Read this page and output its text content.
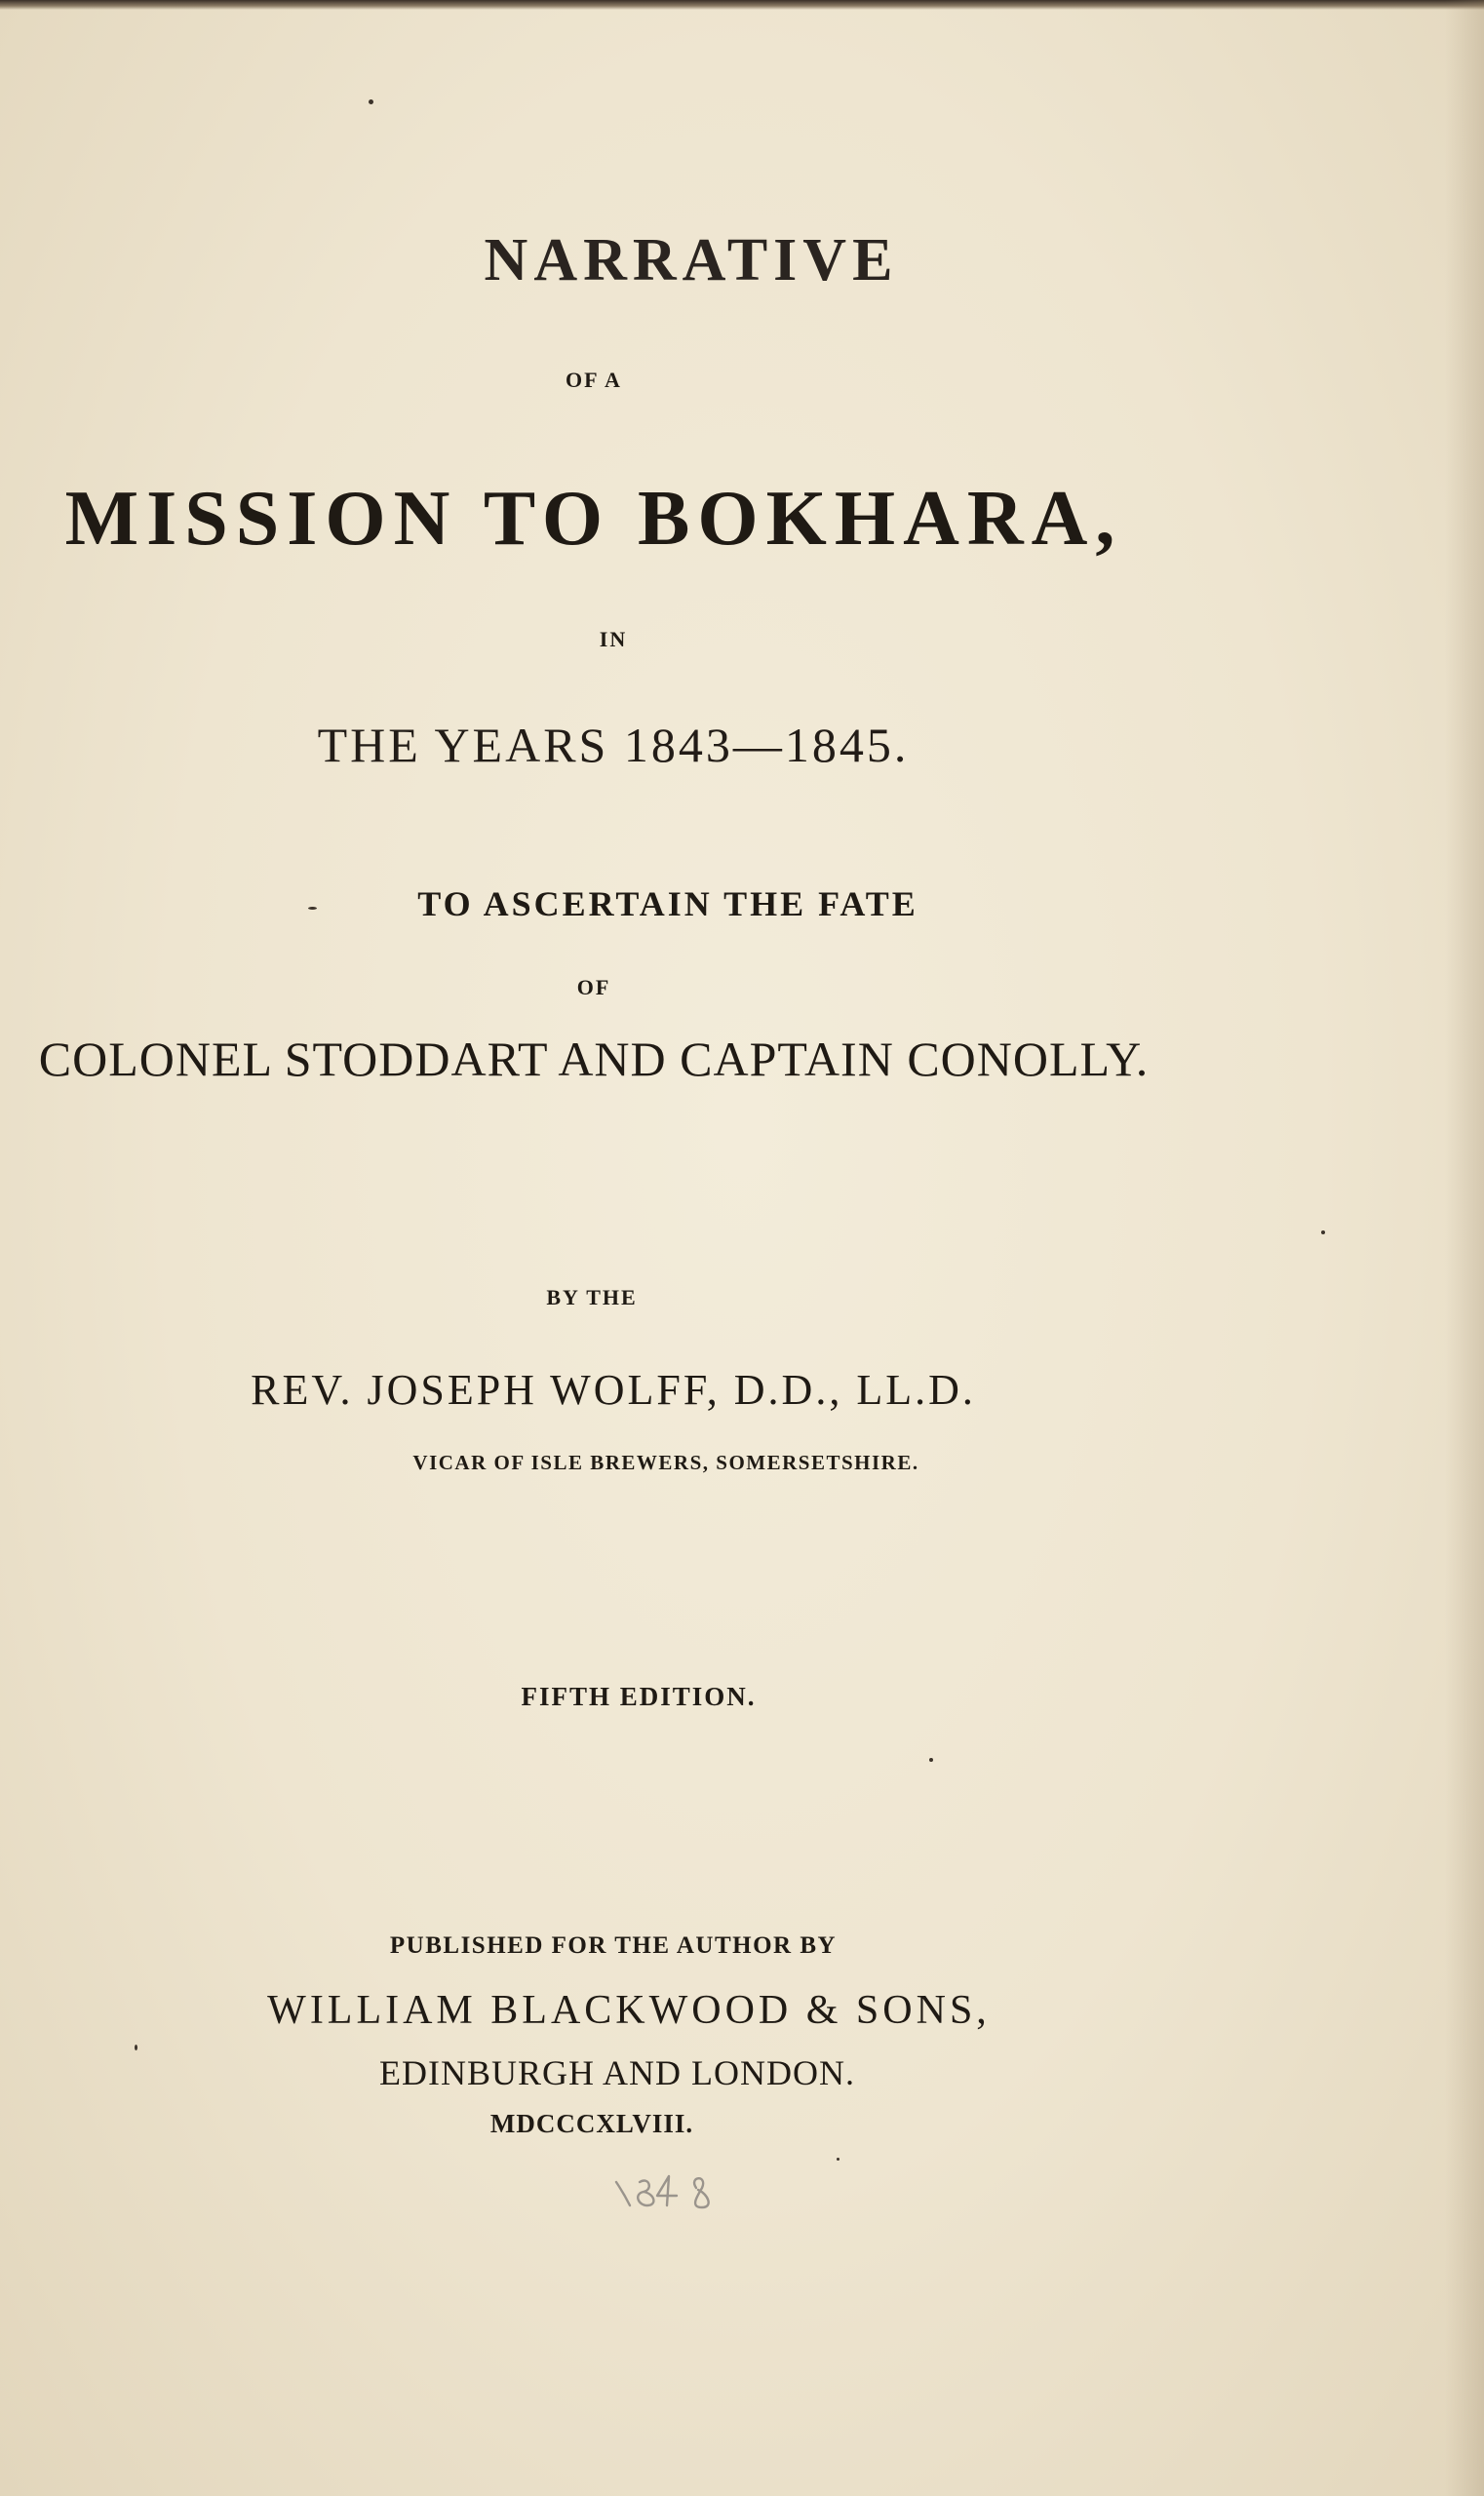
NARRATIVE
OF A
MISSION TO BOKHARA,
IN
THE YEARS 1843—1845.
TO ASCERTAIN THE FATE
OF
COLONEL STODDART AND CAPTAIN CONOLLY.
BY THE
REV. JOSEPH WOLFF, D.D., LL.D.
VICAR OF ISLE BREWERS, SOMERSETSHIRE.
FIFTH EDITION.
PUBLISHED FOR THE AUTHOR BY
WILLIAM BLACKWOOD & SONS,
EDINBURGH AND LONDON.
MDCCCXLVIII.
